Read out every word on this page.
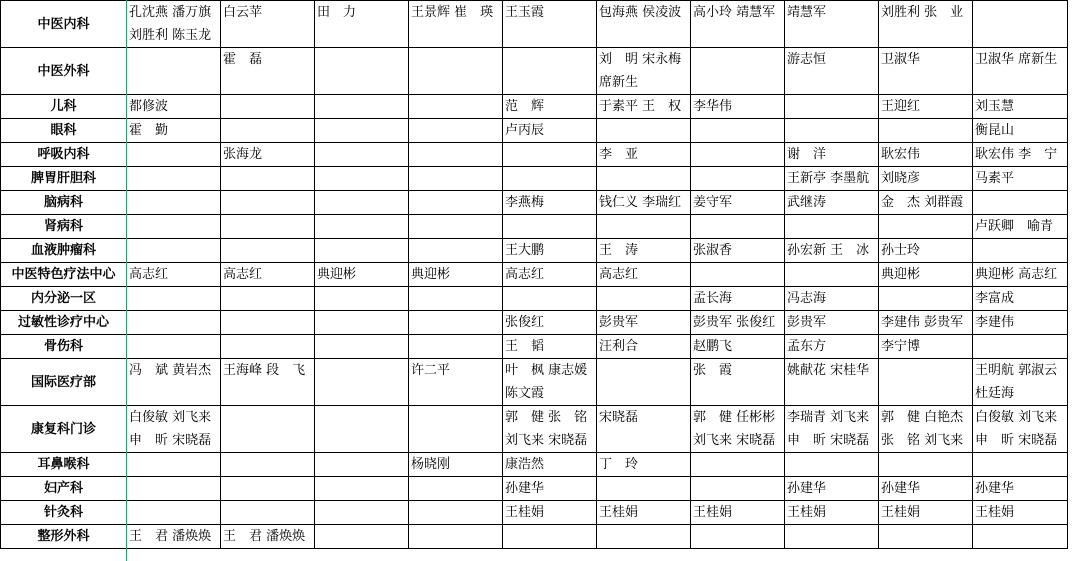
中医内科	孔沈燕 潘万旗 刘胜利 陈玉龙	白云苹	田　力	王景辉 崔　瑛	王玉霞	包海燕 侯凌波	高小玲 靖慧军	靖慧军	刘胜利 张　业	
中医外科		霍　磊				刘　明 宋永梅 席新生		游志恒	卫淑华	卫淑华 席新生
儿科	都修波				范　辉	于素平 王　权	李华伟		王迎红	刘玉慧
眼科	霍　勤				卢丙辰					衡昆山
呼吸内科		张海龙				李　亚		谢　洋	耿宏伟	耿宏伟 李　宁
脾胃肝胆科								王新亭 李墨航	刘晓彦	马素平
脑病科					李燕梅	钱仁义 李瑞红	姜守军	武继涛	金　杰 刘群霞	
肾病科										卢跃卿　喻青
血液肿瘤科					王大鹏	王　涛	张淑香	孙宏新 王　冰	孙士玲	
中医特色疗法中心	高志红	高志红	典迎彬	典迎彬	高志红	高志红			典迎彬	典迎彬 高志红
内分泌一区							孟长海	冯志海		李富成
过敏性诊疗中心					张俊红	彭贵军	彭贵军 张俊红	彭贵军	李建伟 彭贵军	李建伟
骨伤科					王　韬	汪利合	赵鹏飞	孟东方	李宁博	
国际医疗部	冯　斌 黄岩杰	王海峰 段　飞		许二平	叶　枫 康志媛 陈文霞		张　霞	姚献花 宋桂华		王明航 郭淑云 杜廷海
康复科门诊	白俊敏 刘飞来 申　昕 宋晓磊				郭　健 张　铭 刘飞来 宋晓磊	宋晓磊	郭　健 任彬彬 刘飞来 宋晓磊	李瑞青 刘飞来 申　昕 宋晓磊	郭　健 白艳杰 张　铭 刘飞来	白俊敏 刘飞来 申　昕 宋晓磊
耳鼻喉科				杨晓刚	康浩然	丁　玲				
妇产科					孙建华			孙建华	孙建华	孙建华
针灸科					王桂娟	王桂娟	王桂娟	王桂娟	王桂娟	王桂娟
整形外科	王　君 潘焕焕	王　君 潘焕焕								
